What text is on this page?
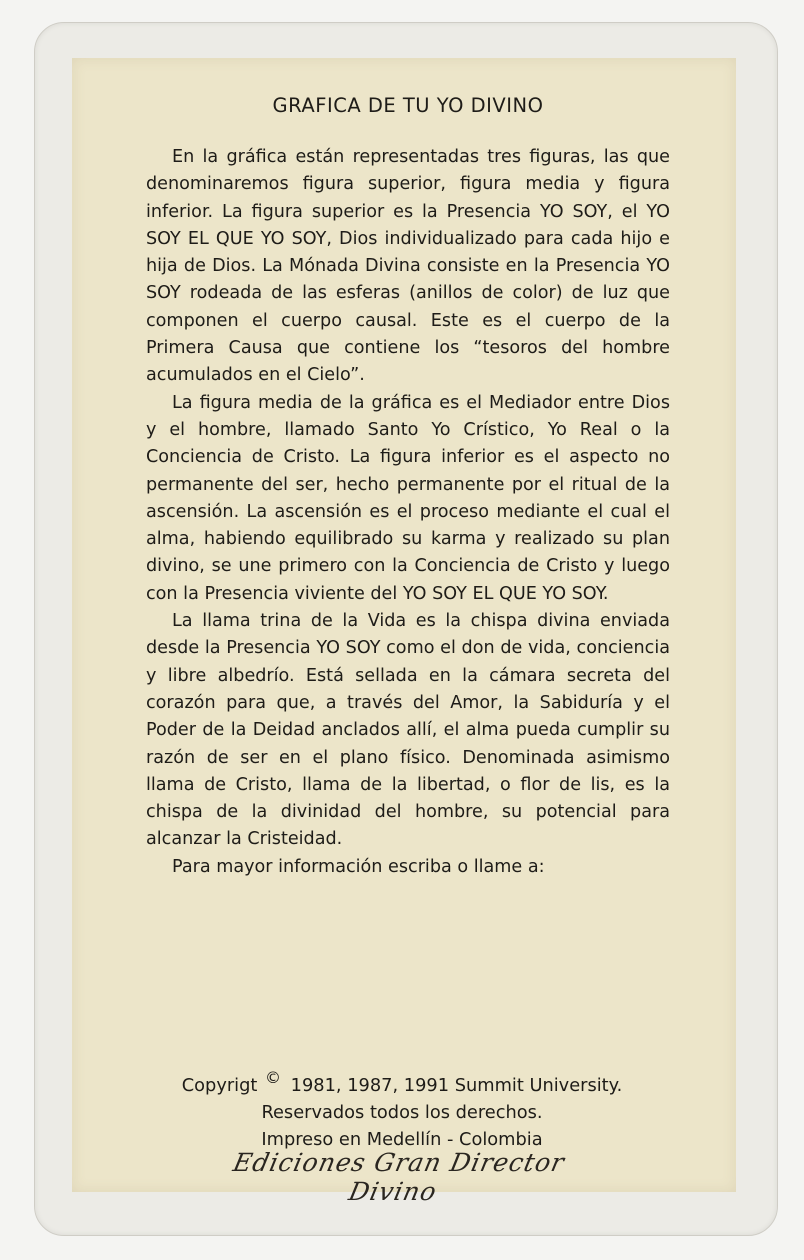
GRAFICA DE TU YO DIVINO

En la gráfica están representadas tres figuras, las que denominaremos figura superior, figura media y figura inferior. La figura superior es la Presencia YO SOY, el YO SOY EL QUE YO SOY, Dios individualizado para cada hijo e hija de Dios. La Mónada Divina consiste en la Presencia YO SOY rodeada de las esferas (anillos de color) de luz que componen el cuerpo causal. Este es el cuerpo de la Primera Causa que contiene los “tesoros del hombre acumulados en el Cielo”.

La figura media de la gráfica es el Mediador entre Dios y el hombre, llamado Santo Yo Crístico, Yo Real o la Conciencia de Cristo. La figura inferior es el aspecto no permanente del ser, hecho permanente por el ritual de la ascensión. La ascensión es el proceso mediante el cual el alma, habiendo equilibrado su karma y realizado su plan divino, se une primero con la Conciencia de Cristo y luego con la Presencia viviente del YO SOY EL QUE YO SOY.

La llama trina de la Vida es la chispa divina enviada desde la Presencia YO SOY como el don de vida, conciencia y libre albedrío. Está sellada en la cámara secreta del corazón para que, a través del Amor, la Sabiduría y el Poder de la Deidad anclados allí, el alma pueda cumplir su razón de ser en el plano físico. Denominada asimismo llama de Cristo, llama de la libertad, o flor de lis, es la chispa de la divinidad del hombre, su potencial para alcanzar la Cristeidad.

Para mayor información escriba o llame a:

Copyrigt © 1981, 1987, 1991 Summit University.
Reservados todos los derechos.
Impreso en Medellín - Colombia
Ediciones Gran Director Divino
